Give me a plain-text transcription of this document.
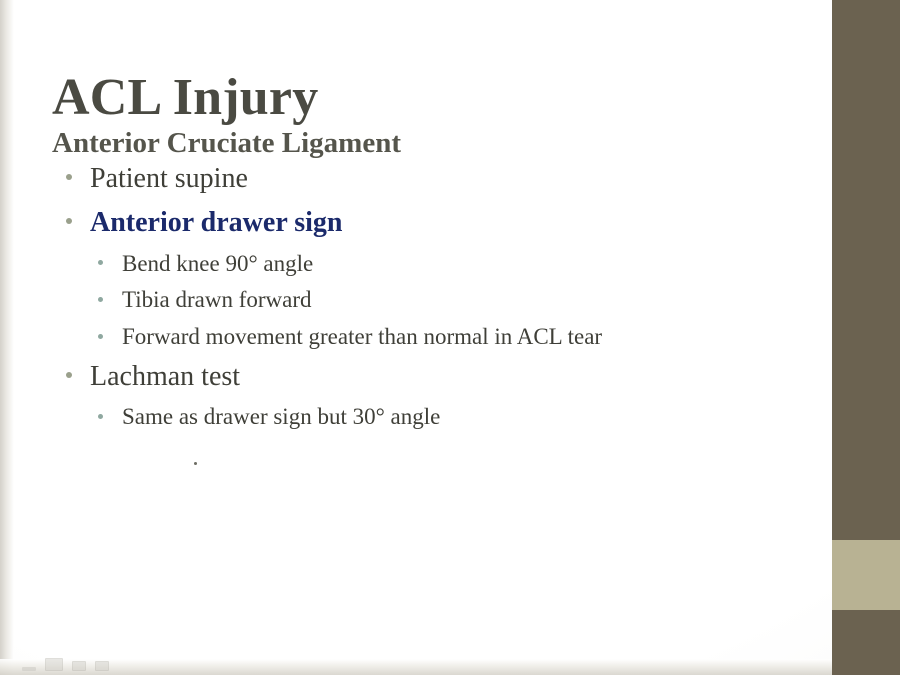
ACL Injury
Anterior Cruciate Ligament
Patient supine
Anterior drawer sign
Bend knee 90° angle
Tibia drawn forward
Forward movement greater than normal in ACL tear
Lachman test
Same as drawer sign but 30° angle
